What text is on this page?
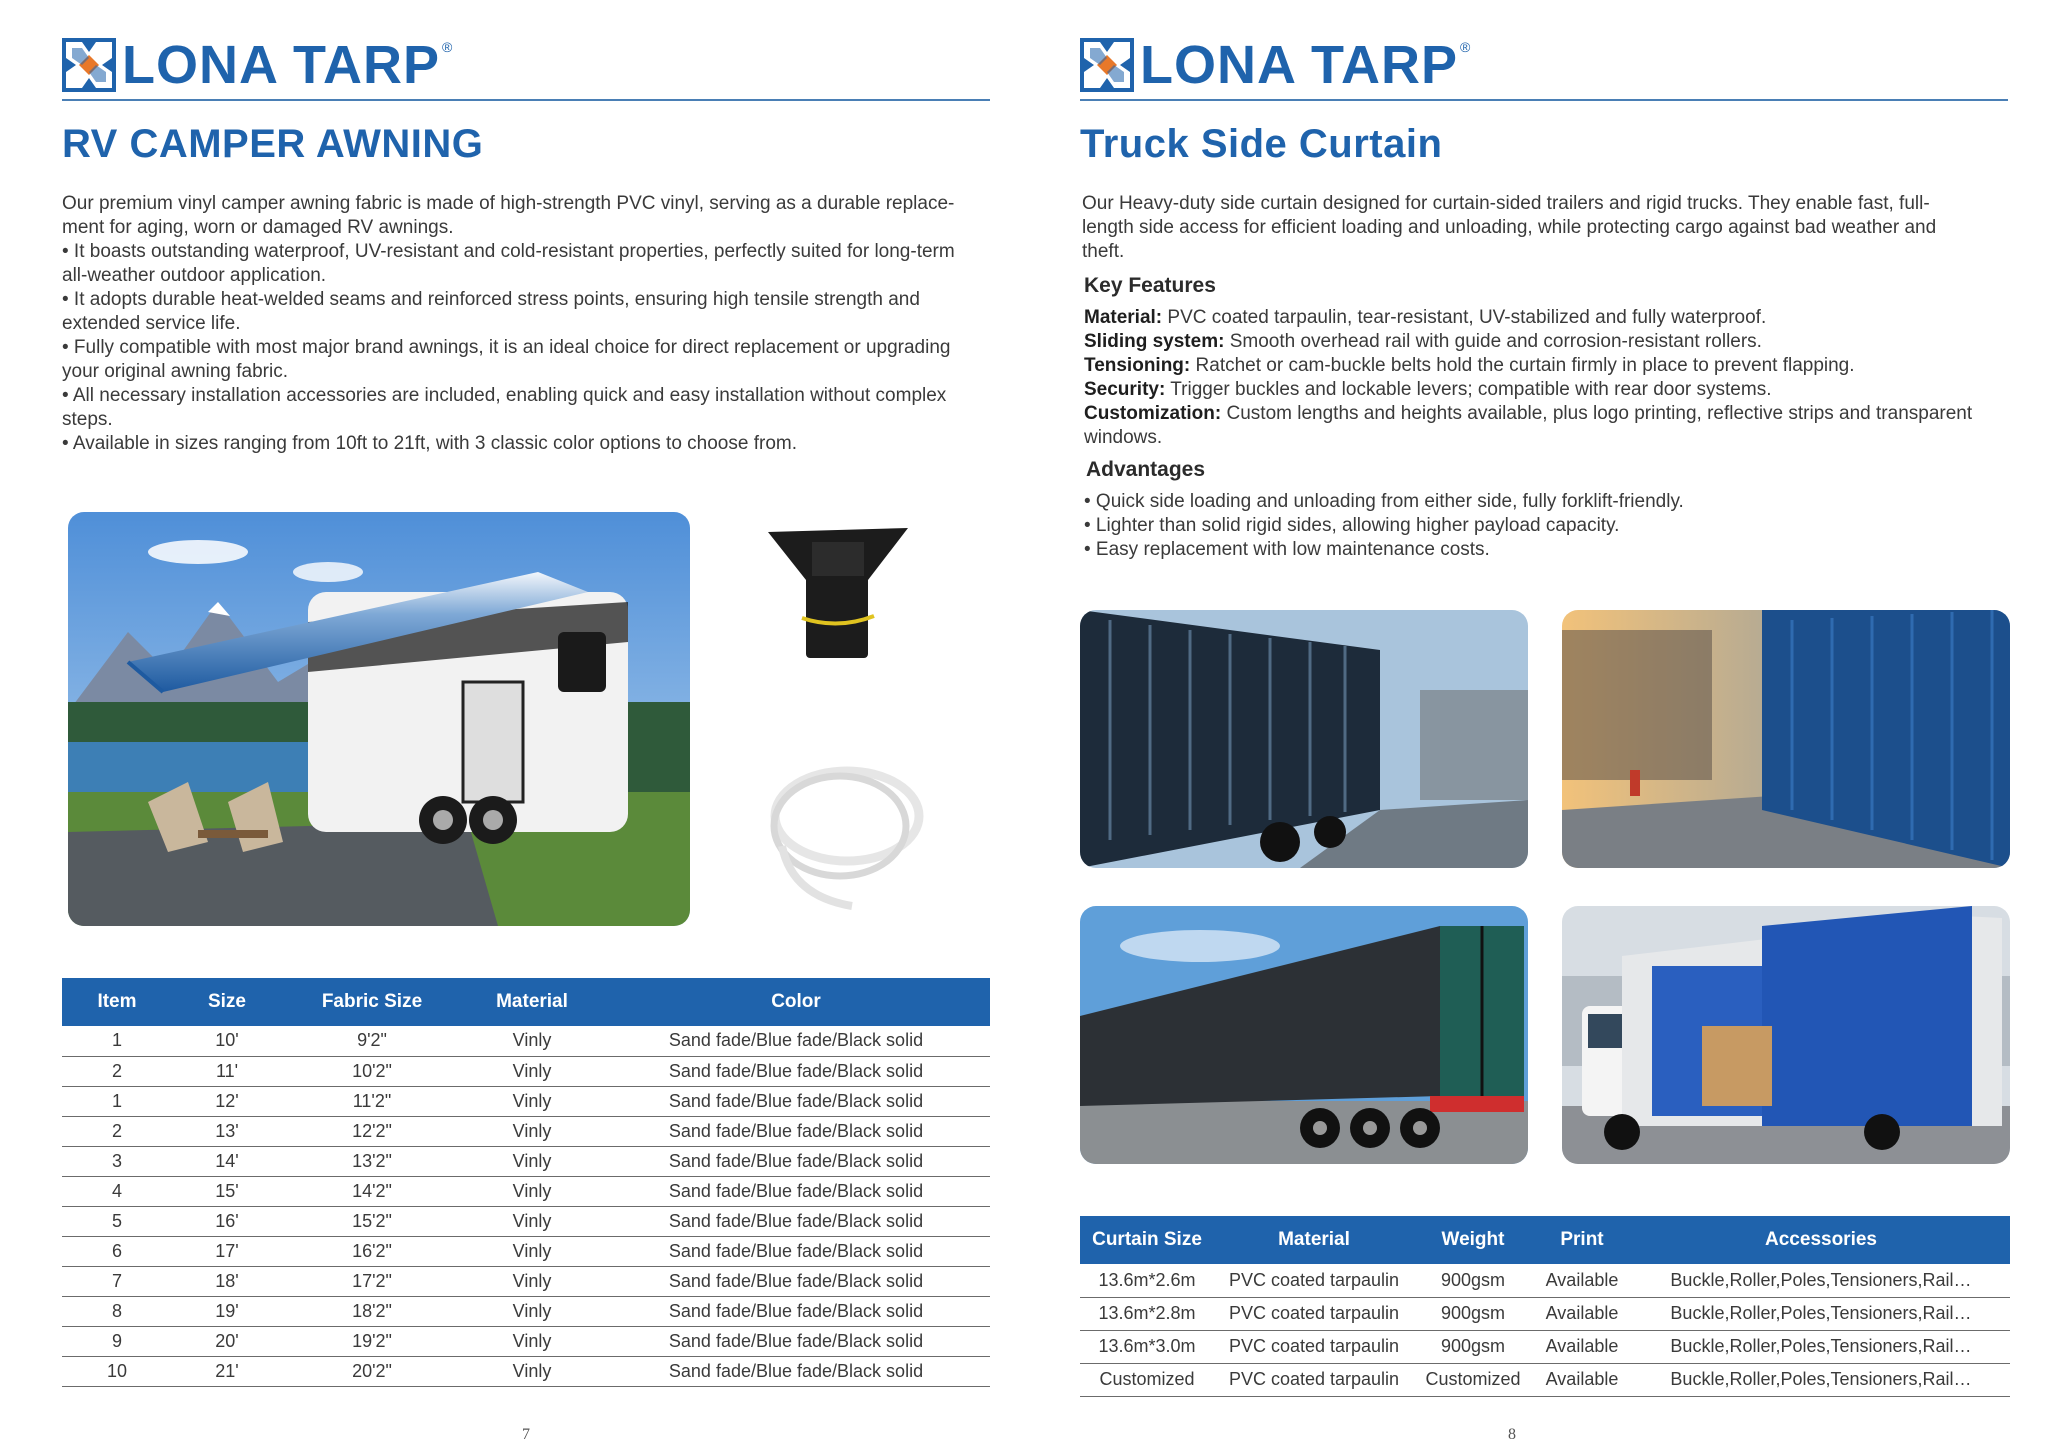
LONA TARP ®
RV CAMPER AWNING

Our premium vinyl camper awning fabric is made of high-strength PVC vinyl, serving as a durable replace-

ment for aging, worn or damaged RV awnings.

• It boasts outstanding waterproof, UV-resistant and cold-resistant properties, perfectly suited for long-term

all-weather outdoor application.

• It adopts durable heat-welded seams and reinforced stress points, ensuring high tensile strength and

extended service life.

• Fully compatible with most major brand awnings, it is an ideal choice for direct replacement or upgrading

your original awning fabric.

• All necessary installation accessories are included, enabling quick and easy installation without complex

steps.

• Available in sizes ranging from 10ft to 21ft, with 3 classic color options to choose from.

Item	Size	Fabric Size	Material	Color
1	10'	9'2"	Vinly	Sand fade/Blue fade/Black solid
2	11'	10'2"	Vinly	Sand fade/Blue fade/Black solid
1	12'	11'2"	Vinly	Sand fade/Blue fade/Black solid
2	13'	12'2"	Vinly	Sand fade/Blue fade/Black solid
3	14'	13'2"	Vinly	Sand fade/Blue fade/Black solid
4	15'	14'2"	Vinly	Sand fade/Blue fade/Black solid
5	16'	15'2"	Vinly	Sand fade/Blue fade/Black solid
6	17'	16'2"	Vinly	Sand fade/Blue fade/Black solid
7	18'	17'2"	Vinly	Sand fade/Blue fade/Black solid
8	19'	18'2"	Vinly	Sand fade/Blue fade/Black solid
9	20'	19'2"	Vinly	Sand fade/Blue fade/Black solid
10	21'	20'2"	Vinly	Sand fade/Blue fade/Black solid
7
LONA TARP ®
Truck Side Curtain

Our Heavy-duty side curtain designed for curtain-sided trailers and rigid trucks. They enable fast, full-

length side access for efficient loading and unloading, while protecting cargo against bad weather and

theft.

Key Features

Material: PVC coated tarpaulin, tear-resistant, UV-stabilized and fully waterproof.

Sliding system: Smooth overhead rail with guide and corrosion-resistant rollers.

Tensioning: Ratchet or cam-buckle belts hold the curtain firmly in place to prevent flapping.

Security: Trigger buckles and lockable levers; compatible with rear door systems.

Customization: Custom lengths and heights available, plus logo printing, reflective strips and transparent

windows.

Advantages

• Quick side loading and unloading from either side, fully forklift-friendly.

• Lighter than solid rigid sides, allowing higher payload capacity.

• Easy replacement with low maintenance costs.

Curtain Size	Material	Weight	Print	Accessories
13.6m*2.6m	PVC coated tarpaulin	900gsm	Available	Buckle,Roller,Poles,Tensioners,Rail…
13.6m*2.8m	PVC coated tarpaulin	900gsm	Available	Buckle,Roller,Poles,Tensioners,Rail…
13.6m*3.0m	PVC coated tarpaulin	900gsm	Available	Buckle,Roller,Poles,Tensioners,Rail…
Customized	PVC coated tarpaulin	Customized	Available	Buckle,Roller,Poles,Tensioners,Rail…
8
